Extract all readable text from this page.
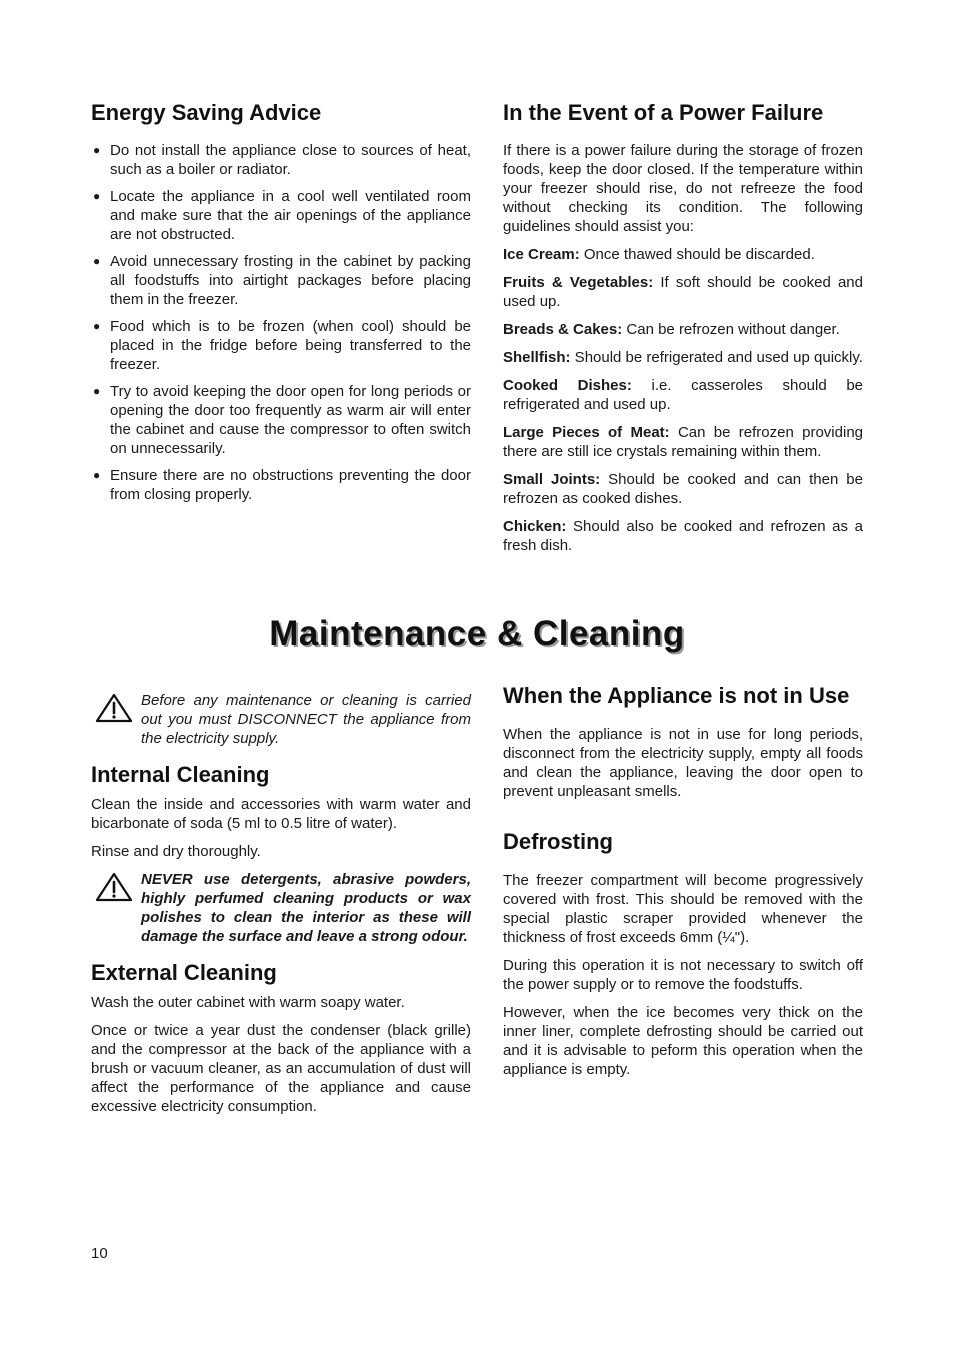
Energy Saving Advice
● Do not install the appliance close to sources of heat, such as a boiler or radiator.
● Locate the appliance in a cool well ventilated room and make sure that the air openings of the appliance are not obstructed.
● Avoid unnecessary frosting in the cabinet by packing all foodstuffs into airtight packages before placing them in the freezer.
● Food which is to be frozen (when cool) should be placed in the fridge before being transferred to the freezer.
● Try to avoid keeping the door open for long periods or opening the door too frequently as warm air will enter the cabinet and cause the compressor to often switch on unnecessarily.
● Ensure there are no obstructions preventing the door from closing properly.
In the Event of a Power Failure

If there is a power failure during the storage of frozen foods, keep the door closed. If the temperature within your freezer should rise, do not refreeze the food without checking its condition. The following guidelines should assist you:

Ice Cream: Once thawed should be discarded.

Fruits & Vegetables: If soft should be cooked and used up.

Breads & Cakes: Can be refrozen without danger.

Shellfish: Should be refrigerated and used up quickly.

Cooked Dishes: i.e. casseroles should be refrigerated and used up.

Large Pieces of Meat: Can be refrozen providing there are still ice crystals remaining within them.

Small Joints: Should be cooked and can then be refrozen as cooked dishes.

Chicken: Should also be cooked and refrozen as a fresh dish.

Maintenance & Cleaning

Before any maintenance or cleaning is carried out you must DISCONNECT the appliance from the electricity supply.

Internal Cleaning

Clean the inside and accessories with warm water and bicarbonate of soda (5 ml to 0.5 litre of water).

Rinse and dry thoroughly.

NEVER use detergents, abrasive powders, highly perfumed cleaning products or wax polishes to clean the interior as these will damage the surface and leave a strong odour.

External Cleaning

Wash the outer cabinet with warm soapy water.

Once or twice a year dust the condenser (black grille) and the compressor at the back of the appliance with a brush or vacuum cleaner, as an accumulation of dust will affect the performance of the appliance and cause excessive electricity consumption.

When the Appliance is not in Use

When the appliance is not in use for long periods, disconnect from the electricity supply, empty all foods and clean the appliance, leaving the door open to prevent unpleasant smells.

Defrosting

The freezer compartment will become progressively covered with frost. This should be removed with the special plastic scraper provided whenever the thickness of frost exceeds 6mm (¼").

During this operation it is not necessary to switch off the power supply or to remove the foodstuffs.

However, when the ice becomes very thick on the inner liner, complete defrosting should be carried out and it is advisable to peform this operation when the appliance is empty.

10
